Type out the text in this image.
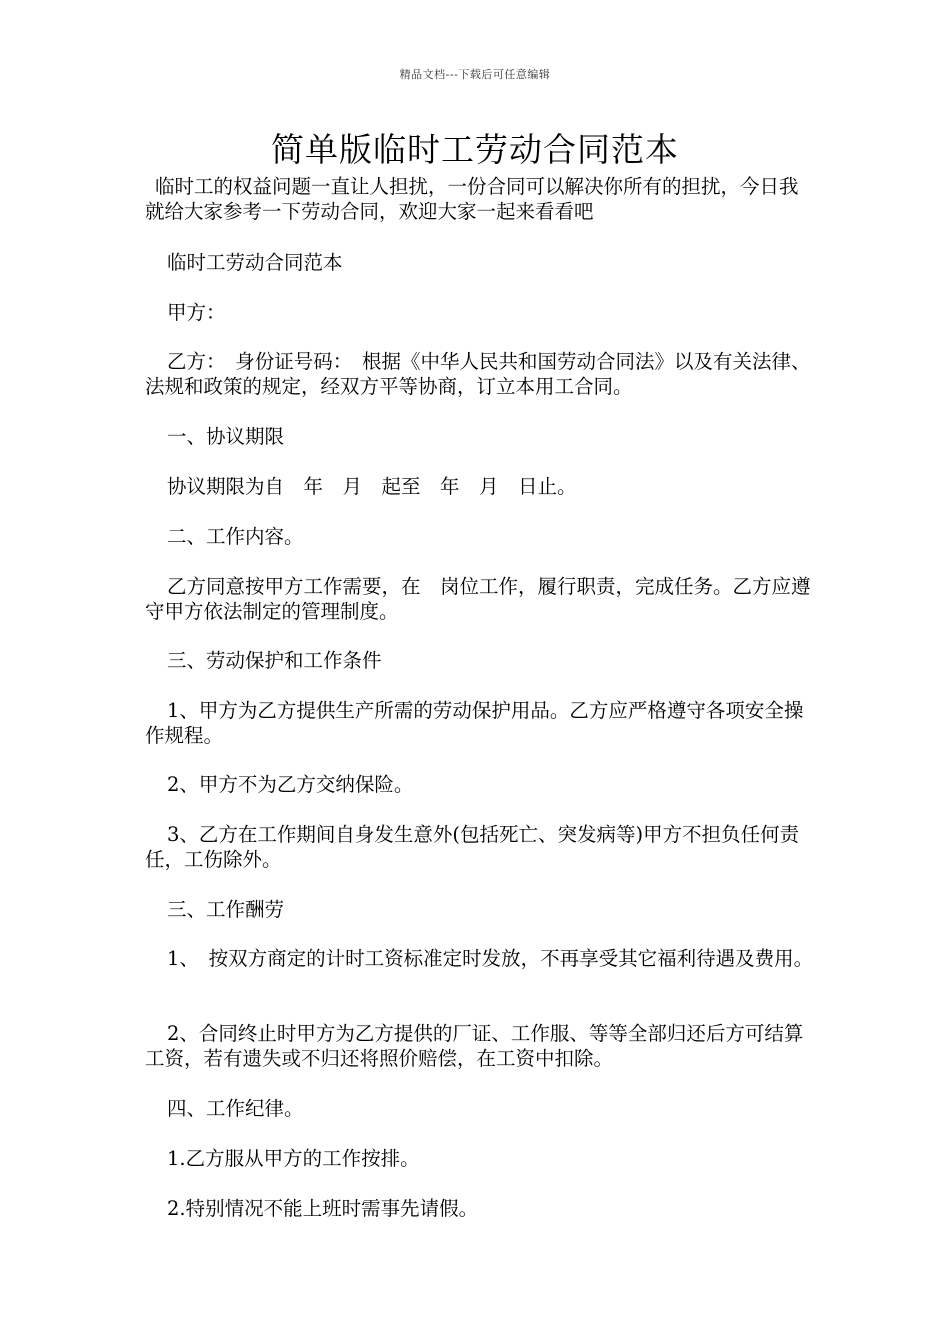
精品文档---下载后可任意编辑
简单版临时工劳动合同范本

临时工的权益问题一直让人担扰，一份合同可以解决你所有的担扰，今日我就给大家参考一下劳动合同，欢迎大家一起来看看吧

临时工劳动合同范本

甲方：

乙方：　身份证号码：　根据《中华人民共和国劳动合同法》以及有关法律、法规和政策的规定，经双方平等协商，订立本用工合同。

一、协议期限

协议期限为自　年　月　起至　年　月　日止。

二、工作内容。

乙方同意按甲方工作需要，在　岗位工作，履行职责，完成任务。乙方应遵守甲方依法制定的管理制度。

三、劳动保护和工作条件

1、甲方为乙方提供生产所需的劳动保护用品。乙方应严格遵守各项安全操作规程。

2、甲方不为乙方交纳保险。

3、乙方在工作期间自身发生意外(包括死亡、突发病等)甲方不担负任何责任，工伤除外。

三、工作酬劳

1、　按双方商定的计时工资标准定时发放，不再享受其它福利待遇及费用。

2、合同终止时甲方为乙方提供的厂证、工作服、等等全部归还后方可结算工资，若有遗失或不归还将照价赔偿，在工资中扣除。

四、工作纪律。

1.乙方服从甲方的工作按排。

2.特别情况不能上班时需事先请假。
